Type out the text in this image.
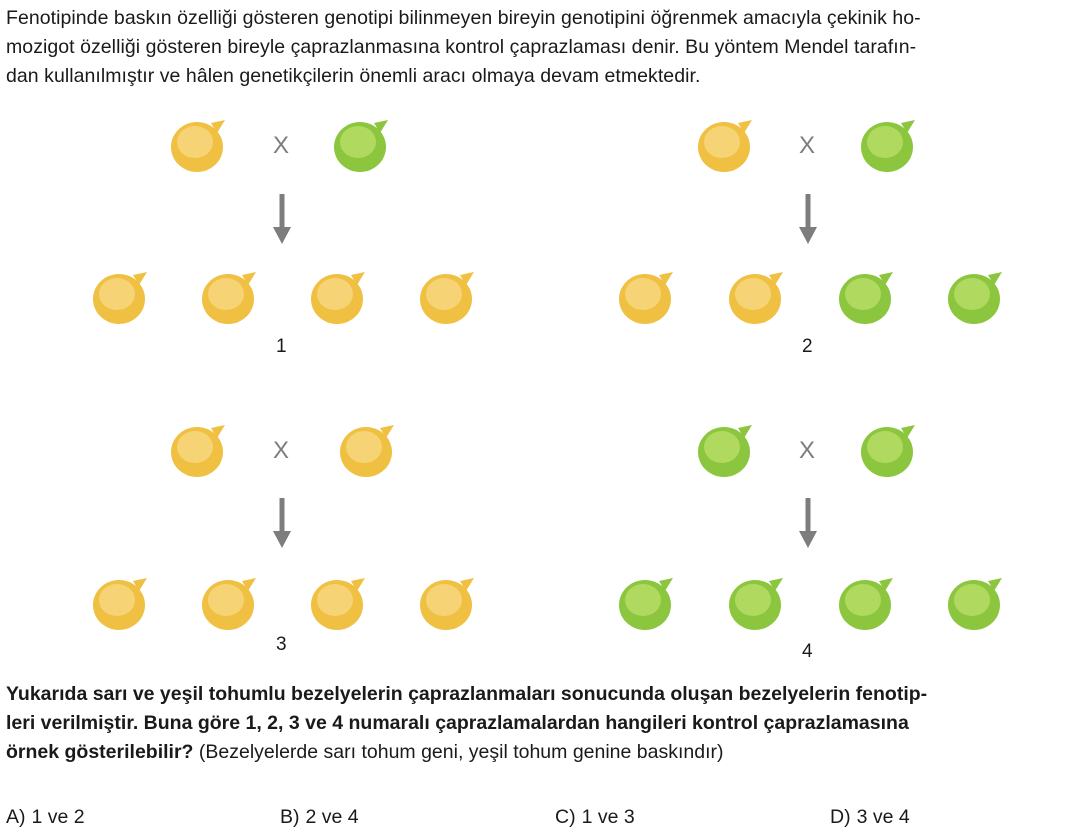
Fenotipinde baskın özelliği gösteren genotipi bilinmeyen bireyin genotipini öğrenmek amacıyla çekinik ho-
mozigot özelliği gösteren bireyle çaprazlanmasına kontrol çaprazlaması denir. Bu yöntem Mendel tarafın-
dan kullanılmıştır ve hâlen genetikçilerin önemli aracı olmaya devam etmektedir.

X
1
X
2
X
3
X
4

Yukarıda sarı ve yeşil tohumlu bezelyelerin çaprazlanmaları sonucunda oluşan bezelyelerin fenotip-
leri verilmiştir. Buna göre 1, 2, 3 ve 4 numaralı çaprazlamalardan hangileri kontrol çaprazlamasına
örnek gösterilebilir? (Bezelyelerde sarı tohum geni, yeşil tohum genine baskındır)

A) 1 ve 2	B) 2 ve 4	C) 1 ve 3	D) 3 ve 4
